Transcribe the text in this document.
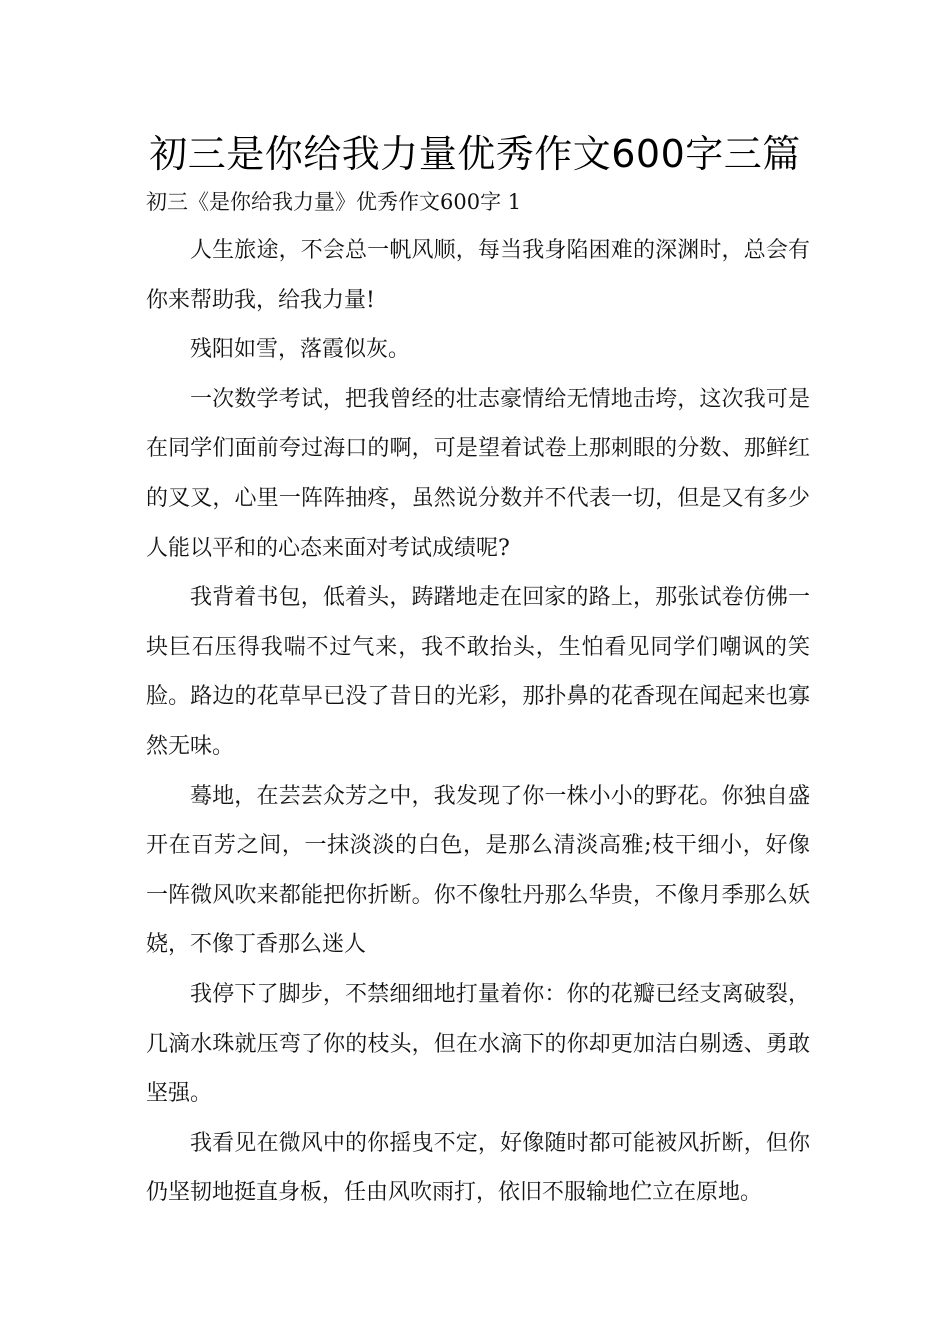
初三是你给我力量优秀作文600字三篇
初三《是你给我力量》优秀作文600字 1

人生旅途，不会总一帆风顺，每当我身陷困难的深渊时，总会有你来帮助我，给我力量!

残阳如雪，落霞似灰。

一次数学考试，把我曾经的壮志豪情给无情地击垮，这次我可是在同学们面前夸过海口的啊，可是望着试卷上那刺眼的分数、那鲜红的叉叉，心里一阵阵抽疼，虽然说分数并不代表一切，但是又有多少人能以平和的心态来面对考试成绩呢?

我背着书包，低着头，踌躇地走在回家的路上，那张试卷仿佛一块巨石压得我喘不过气来，我不敢抬头，生怕看见同学们嘲讽的笑脸。路边的花草早已没了昔日的光彩，那扑鼻的花香现在闻起来也寡然无味。

蓦地，在芸芸众芳之中，我发现了你一株小小的野花。你独自盛开在百芳之间，一抹淡淡的白色，是那么清淡高雅;枝干细小，好像一阵微风吹来都能把你折断。你不像牡丹那么华贵，不像月季那么妖娆，不像丁香那么迷人

我停下了脚步，不禁细细地打量着你：你的花瓣已经支离破裂，几滴水珠就压弯了你的枝头，但在水滴下的你却更加洁白剔透、勇敢坚强。

我看见在微风中的你摇曳不定，好像随时都可能被风折断，但你仍坚韧地挺直身板，任由风吹雨打，依旧不服输地伫立在原地。
